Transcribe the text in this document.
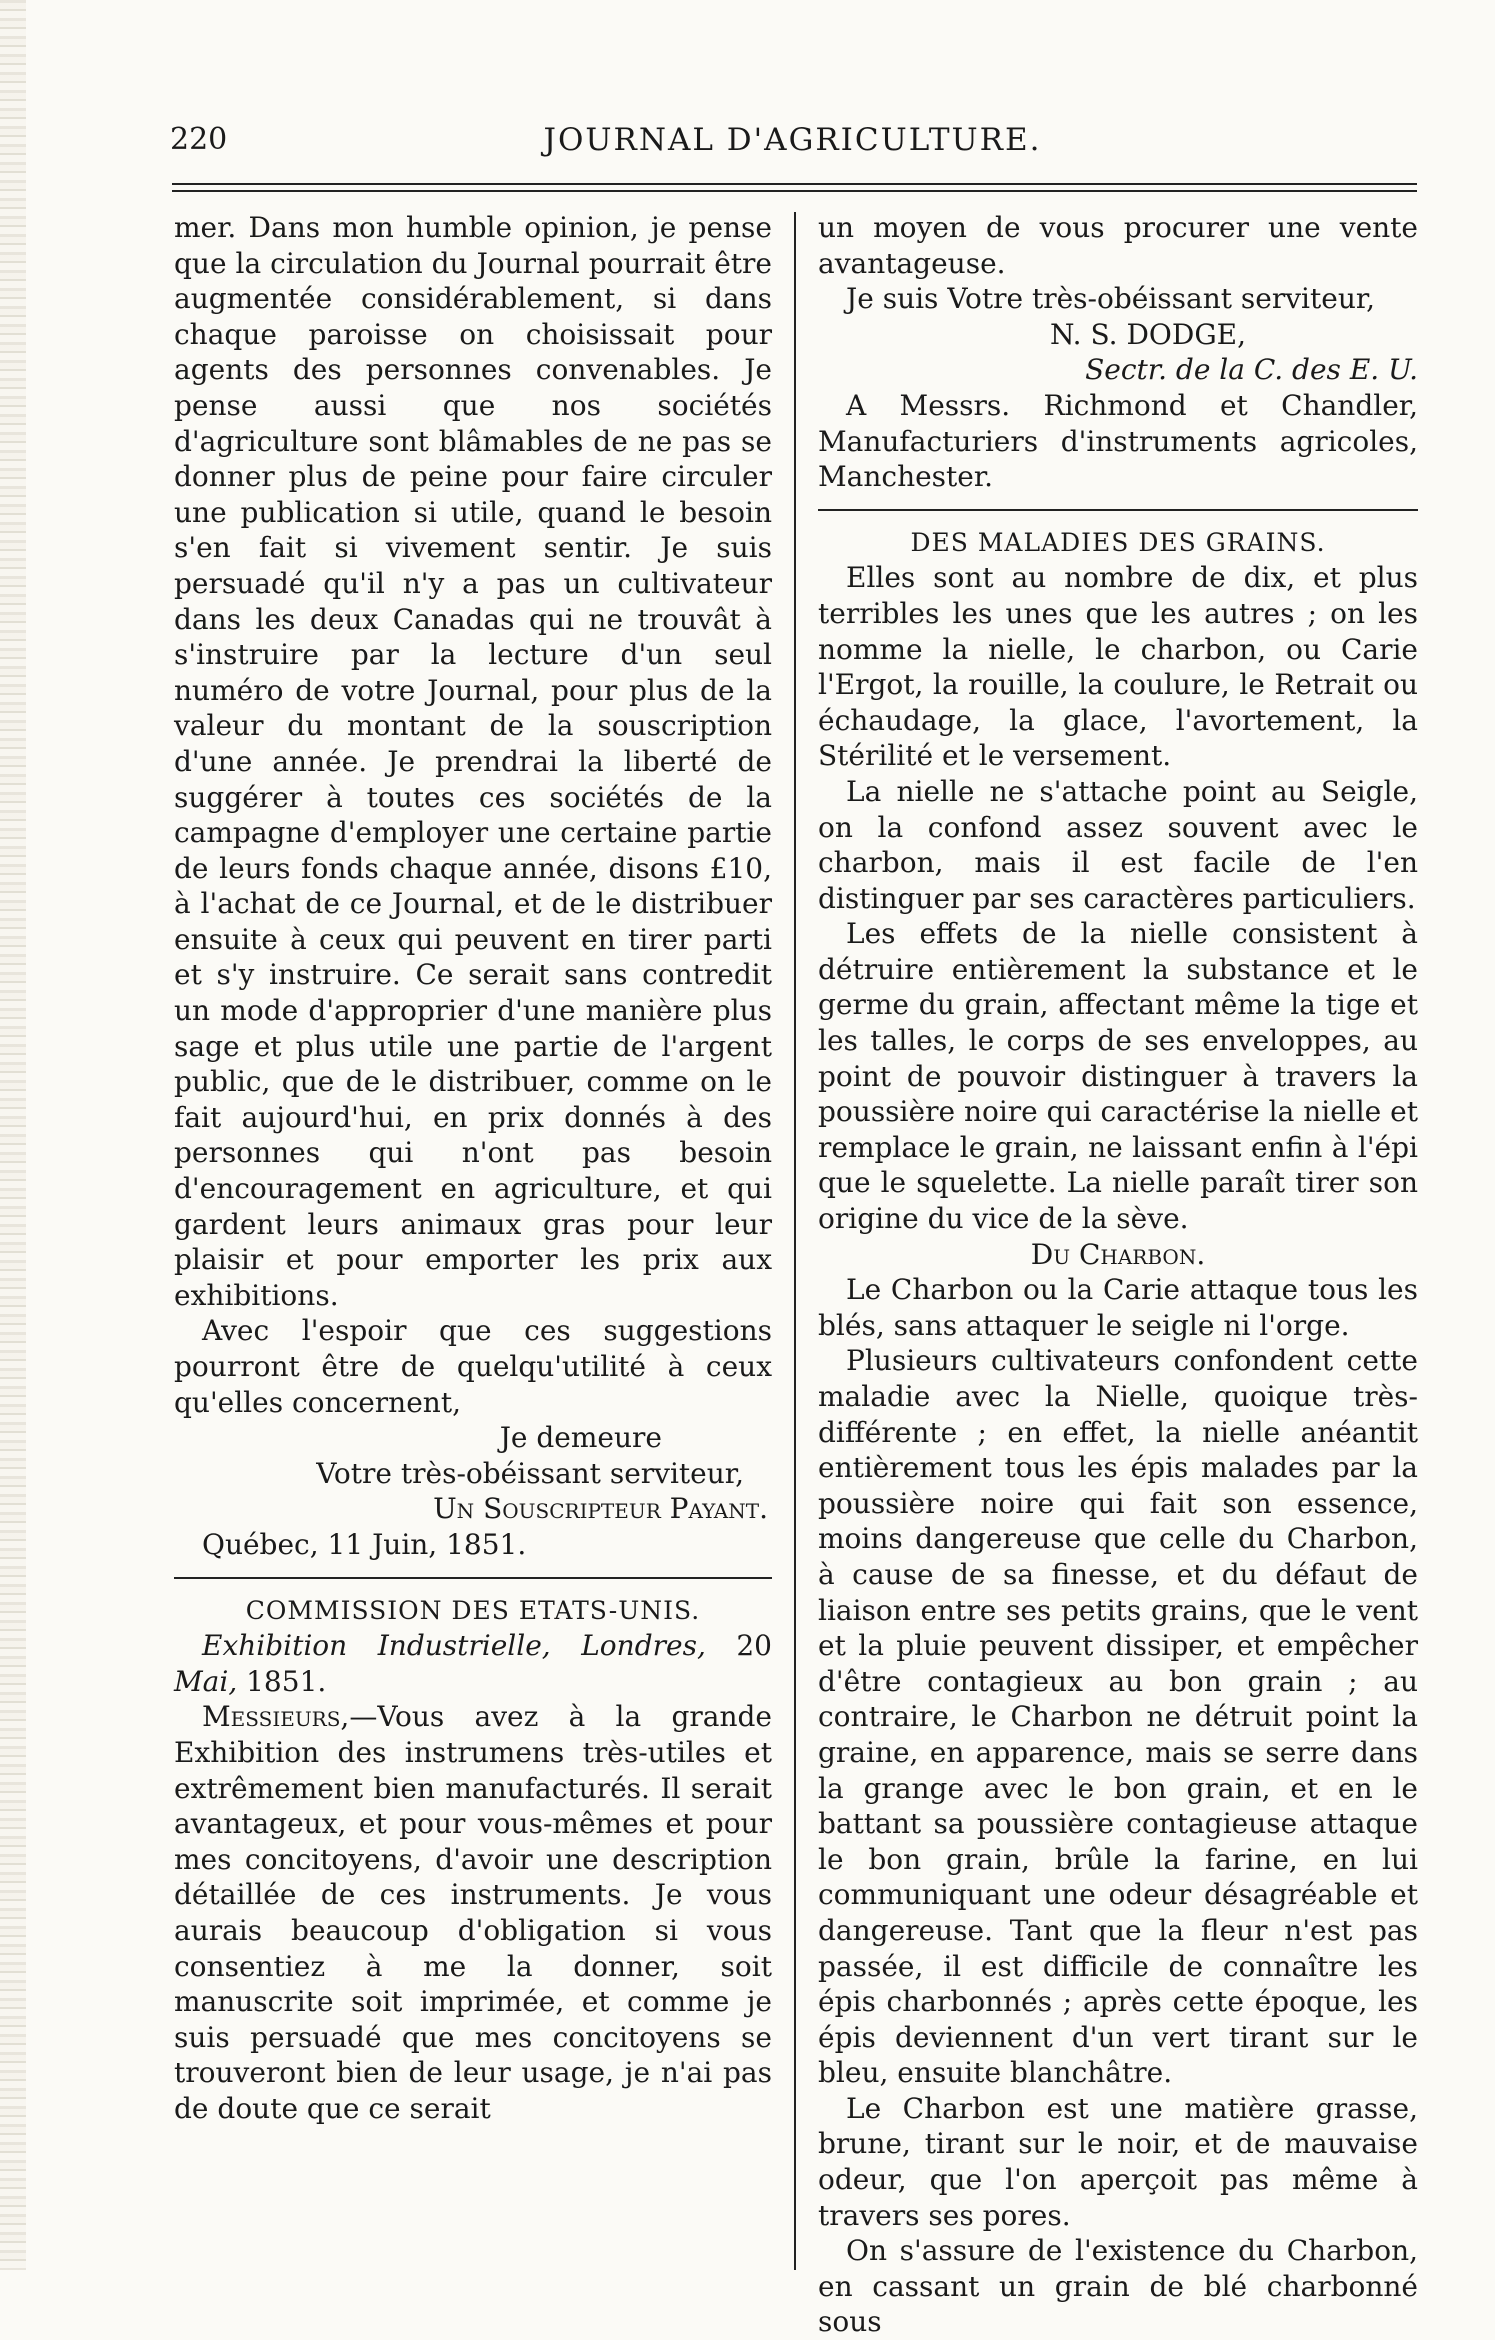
220	JOURNAL D'AGRICULTURE.

mer. Dans mon humble opinion, je pense que la circulation du Journal pourrait être augmentée considérablement, si dans chaque paroisse on choisissait pour agents des personnes convenables. Je pense aussi que nos sociétés d'agriculture sont blâmables de ne pas se donner plus de peine pour faire circuler une publication si utile, quand le besoin s'en fait si vivement sentir. Je suis persuadé qu'il n'y a pas un cultivateur dans les deux Canadas qui ne trouvât à s'instruire par la lecture d'un seul numéro de votre Journal, pour plus de la valeur du montant de la souscription d'une année. Je prendrai la liberté de suggérer à toutes ces sociétés de la campagne d'employer une certaine partie de leurs fonds chaque année, disons £10, à l'achat de ce Journal, et de le distribuer ensuite à ceux qui peuvent en tirer parti et s'y instruire. Ce serait sans contredit un mode d'approprier d'une manière plus sage et plus utile une partie de l'argent public, que de le distribuer, comme on le fait aujourd'hui, en prix donnés à des personnes qui n'ont pas besoin d'encouragement en agriculture, et qui gardent leurs animaux gras pour leur plaisir et pour emporter les prix aux exhibitions.

Avec l'espoir que ces suggestions pourront être de quelqu'utilité à ceux qu'elles concernent,

Je demeure

Votre très-obéissant serviteur,

Un Souscripteur Payant.

Québec, 11 Juin, 1851.

COMMISSION DES ETATS-UNIS.

Exhibition Industrielle, Londres, 20 Mai, 1851.

Messieurs,—Vous avez à la grande Exhibition des instrumens très-utiles et extrêmement bien manufacturés. Il serait avantageux, et pour vous-mêmes et pour mes concitoyens, d'avoir une description détaillée de ces instruments. Je vous aurais beaucoup d'obligation si vous consentiez à me la donner, soit manuscrite soit imprimée, et comme je suis persuadé que mes concitoyens se trouveront bien de leur usage, je n'ai pas de doute que ce serait

un moyen de vous procurer une vente avantageuse.

Je suis Votre très-obéissant serviteur,

N. S. DODGE,

Sectr. de la C. des E. U.

A Messrs. Richmond et Chandler, Manufacturiers d'instruments agricoles, Manchester.

DES MALADIES DES GRAINS.

Elles sont au nombre de dix, et plus terribles les unes que les autres ; on les nomme la nielle, le charbon, ou Carie l'Ergot, la rouille, la coulure, le Retrait ou échaudage, la glace, l'avortement, la Stérilité et le versement.

La nielle ne s'attache point au Seigle, on la confond assez souvent avec le charbon, mais il est facile de l'en distinguer par ses caractères particuliers.

Les effets de la nielle consistent à détruire entièrement la substance et le germe du grain, affectant même la tige et les talles, le corps de ses enveloppes, au point de pouvoir distinguer à travers la poussière noire qui caractérise la nielle et remplace le grain, ne laissant enfin à l'épi que le squelette. La nielle paraît tirer son origine du vice de la sève.

Du Charbon.

Le Charbon ou la Carie attaque tous les blés, sans attaquer le seigle ni l'orge.

Plusieurs cultivateurs confondent cette maladie avec la Nielle, quoique très-différente ; en effet, la nielle anéantit entièrement tous les épis malades par la poussière noire qui fait son essence, moins dangereuse que celle du Charbon, à cause de sa finesse, et du défaut de liaison entre ses petits grains, que le vent et la pluie peuvent dissiper, et empêcher d'être contagieux au bon grain ; au contraire, le Charbon ne détruit point la graine, en apparence, mais se serre dans la grange avec le bon grain, et en le battant sa poussière contagieuse attaque le bon grain, brûle la farine, en lui communiquant une odeur désagréable et dangereuse. Tant que la fleur n'est pas passée, il est difficile de connaître les épis charbonnés ; après cette époque, les épis deviennent d'un vert tirant sur le bleu, ensuite blanchâtre.

Le Charbon est une matière grasse, brune, tirant sur le noir, et de mauvaise odeur, que l'on aperçoit pas même à travers ses pores.

On s'assure de l'existence du Charbon, en cassant un grain de blé charbonné sous
